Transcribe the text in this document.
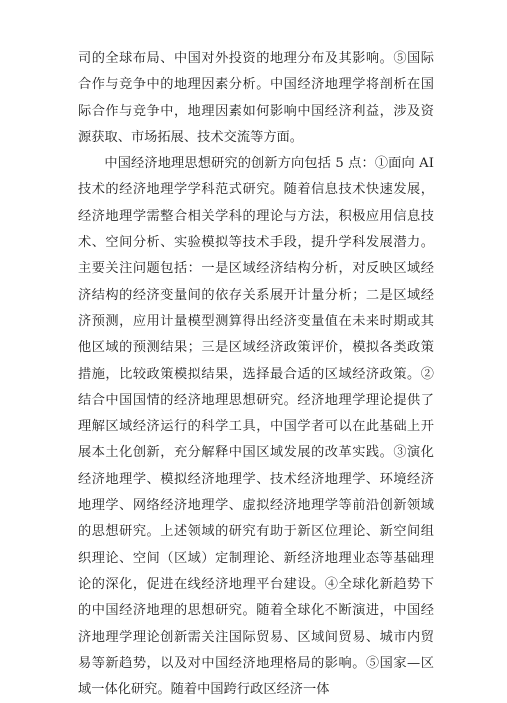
司的全球布局、中国对外投资的地理分布及其影响。⑤国际合作与竞争中的地理因素分析。中国经济地理学将剖析在国际合作与竞争中，地理因素如何影响中国经济利益，涉及资源获取、市场拓展、技术交流等方面。

中国经济地理思想研究的创新方向包括 5 点：①面向 AI 技术的经济地理学学科范式研究。随着信息技术快速发展，经济地理学需整合相关学科的理论与方法，积极应用信息技术、空间分析、实验模拟等技术手段，提升学科发展潜力。主要关注问题包括：一是区域经济结构分析，对反映区域经济结构的经济变量间的依存关系展开计量分析；二是区域经济预测，应用计量模型测算得出经济变量值在未来时期或其他区域的预测结果；三是区域经济政策评价，模拟各类政策措施，比较政策模拟结果，选择最合适的区域经济政策。②结合中国国情的经济地理思想研究。经济地理学理论提供了理解区域经济运行的科学工具，中国学者可以在此基础上开展本土化创新，充分解释中国区域发展的改革实践。③演化经济地理学、模拟经济地理学、技术经济地理学、环境经济地理学、网络经济地理学、虚拟经济地理学等前沿创新领域的思想研究。上述领域的研究有助于新区位理论、新空间组织理论、空间（区域）定制理论、新经济地理业态等基础理论的深化，促进在线经济地理平台建设。④全球化新趋势下的中国经济地理的思想研究。随着全球化不断演进，中国经济地理学理论创新需关注国际贸易、区域间贸易、城市内贸易等新趋势，以及对中国经济地理格局的影响。⑤国家—区域一体化研究。随着中国跨行政区经济一体
